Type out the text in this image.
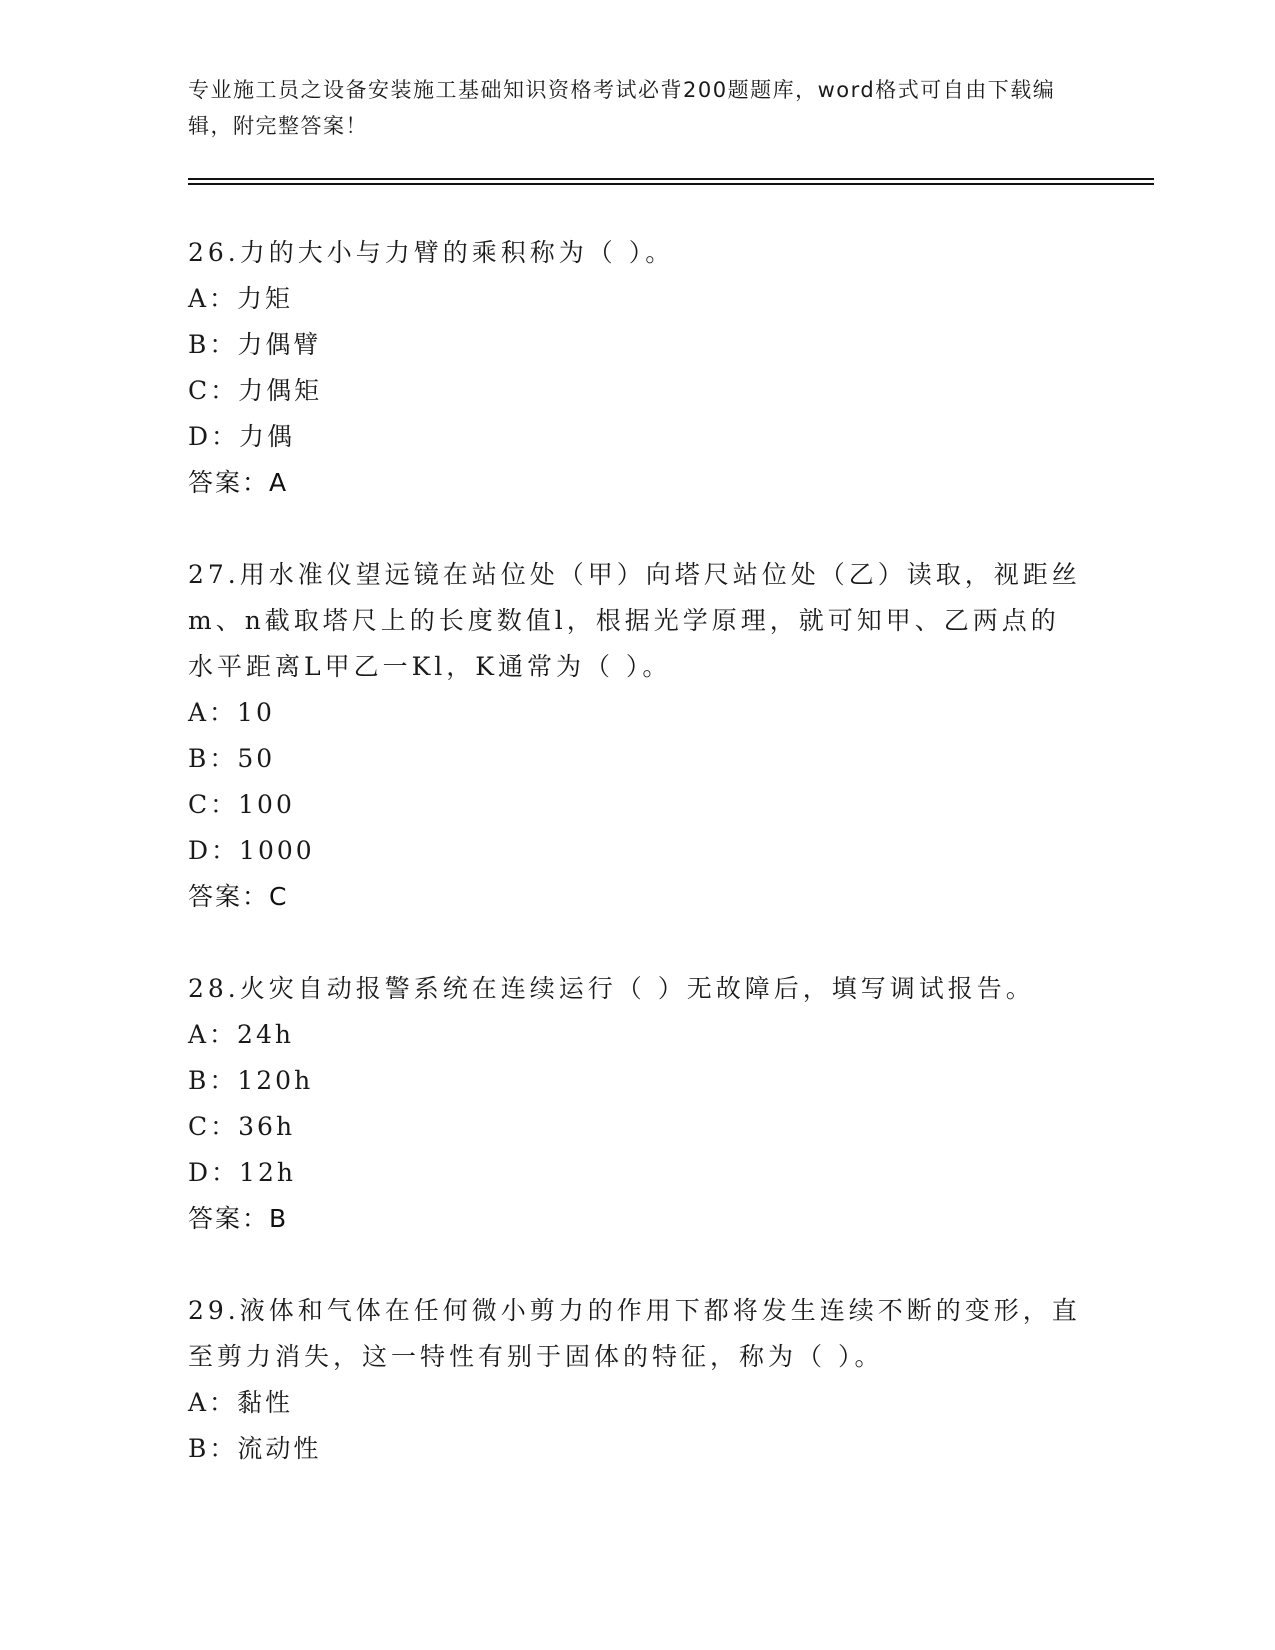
专业施工员之设备安装施工基础知识资格考试必背200题题库，word格式可自由下载编辑，附完整答案！

26.力的大小与力臂的乘积称为（ ）。

A：力矩

B：力偶臂

C：力偶矩

D：力偶

答案：A

27.用水准仪望远镜在站位处（甲）向塔尺站位处（乙）读取，视距丝m、n截取塔尺上的长度数值l，根据光学原理，就可知甲、乙两点的水平距离L甲乙一Kl，K通常为（ ）。

A：10

B：50

C：100

D：1000

答案：C

28.火灾自动报警系统在连续运行（ ）无故障后，填写调试报告。

A：24h

B：120h

C：36h

D：12h

答案：B

29.液体和气体在任何微小剪力的作用下都将发生连续不断的变形，直至剪力消失，这一特性有别于固体的特征，称为（ ）。

A：黏性

B：流动性
